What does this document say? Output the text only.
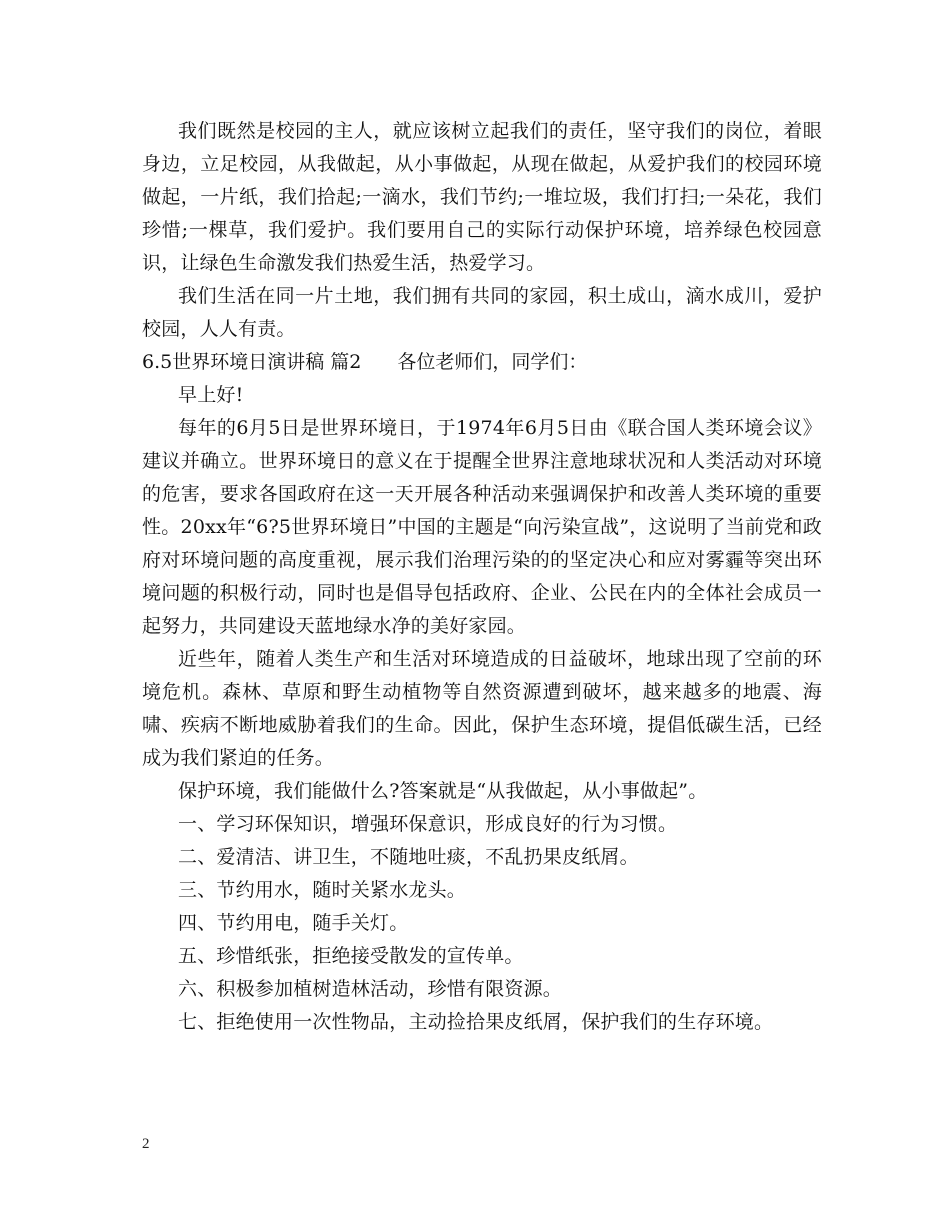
我们既然是校园的主人，就应该树立起我们的责任，坚守我们的岗位，着眼身边，立足校园，从我做起，从小事做起，从现在做起，从爱护我们的校园环境做起，一片纸，我们拾起;一滴水，我们节约;一堆垃圾，我们打扫;一朵花，我们珍惜;一棵草，我们爱护。我们要用自己的实际行动保护环境，培养绿色校园意识，让绿色生命激发我们热爱生活，热爱学习。

我们生活在同一片土地，我们拥有共同的家园，积土成山，滴水成川，爱护校园，人人有责。

6.5世界环境日演讲稿 篇2 各位老师们，同学们：

早上好!

每年的6月5日是世界环境日，于1974年6月5日由《联合国人类环境会议》建议并确立。世界环境日的意义在于提醒全世界注意地球状况和人类活动对环境的危害，要求各国政府在这一天开展各种活动来强调保护和改善人类环境的重要性。20xx年“6?5世界环境日”中国的主题是“向污染宣战”，这说明了当前党和政府对环境问题的高度重视，展示我们治理污染的的坚定决心和应对雾霾等突出环境问题的积极行动，同时也是倡导包括政府、企业、公民在内的全体社会成员一起努力，共同建设天蓝地绿水净的美好家园。

近些年，随着人类生产和生活对环境造成的日益破坏，地球出现了空前的环境危机。森林、草原和野生动植物等自然资源遭到破坏，越来越多的地震、海啸、疾病不断地威胁着我们的生命。因此，保护生态环境，提倡低碳生活，已经成为我们紧迫的任务。

保护环境，我们能做什么?答案就是“从我做起，从小事做起”。

一、学习环保知识，增强环保意识，形成良好的行为习惯。

二、爱清洁、讲卫生，不随地吐痰，不乱扔果皮纸屑。

三、节约用水，随时关紧水龙头。

四、节约用电，随手关灯。

五、珍惜纸张，拒绝接受散发的宣传单。

六、积极参加植树造林活动，珍惜有限资源。

七、拒绝使用一次性物品，主动捡拾果皮纸屑，保护我们的生存环境。

2
